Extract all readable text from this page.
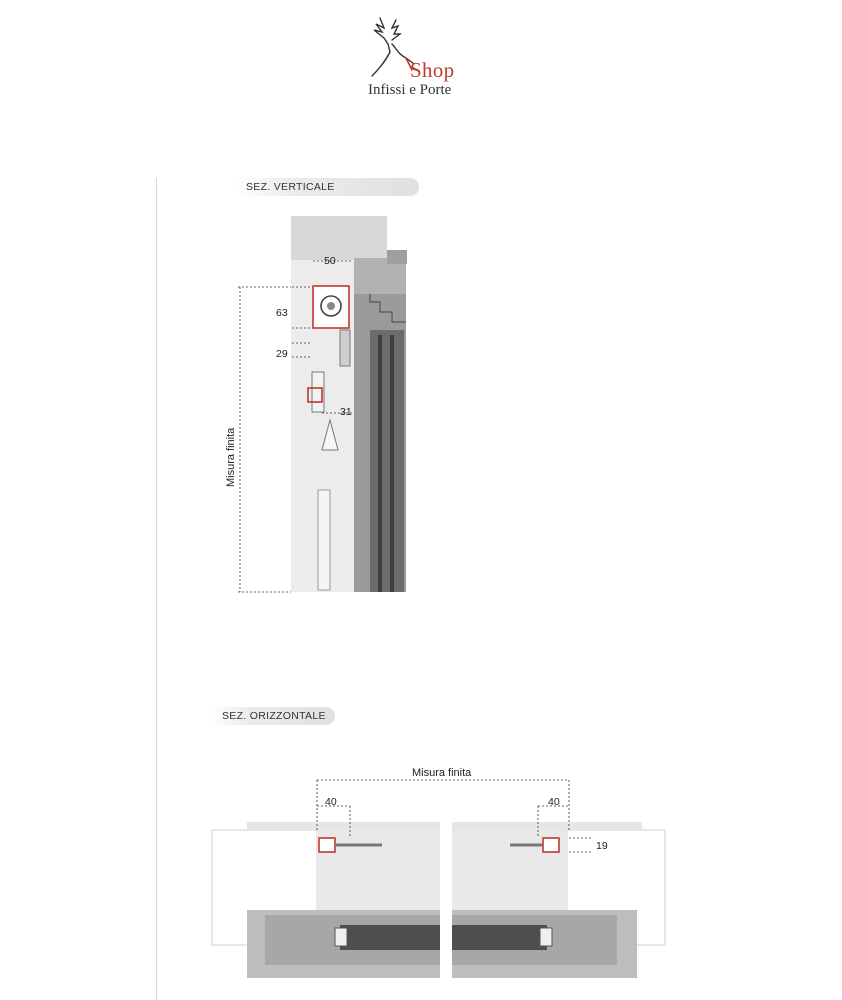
Shop
Infissi e Porte
SEZ. VERTICALE
50
63
29
31
Misura finita
SEZ. ORIZZONTALE
Misura finita
40	40
19
